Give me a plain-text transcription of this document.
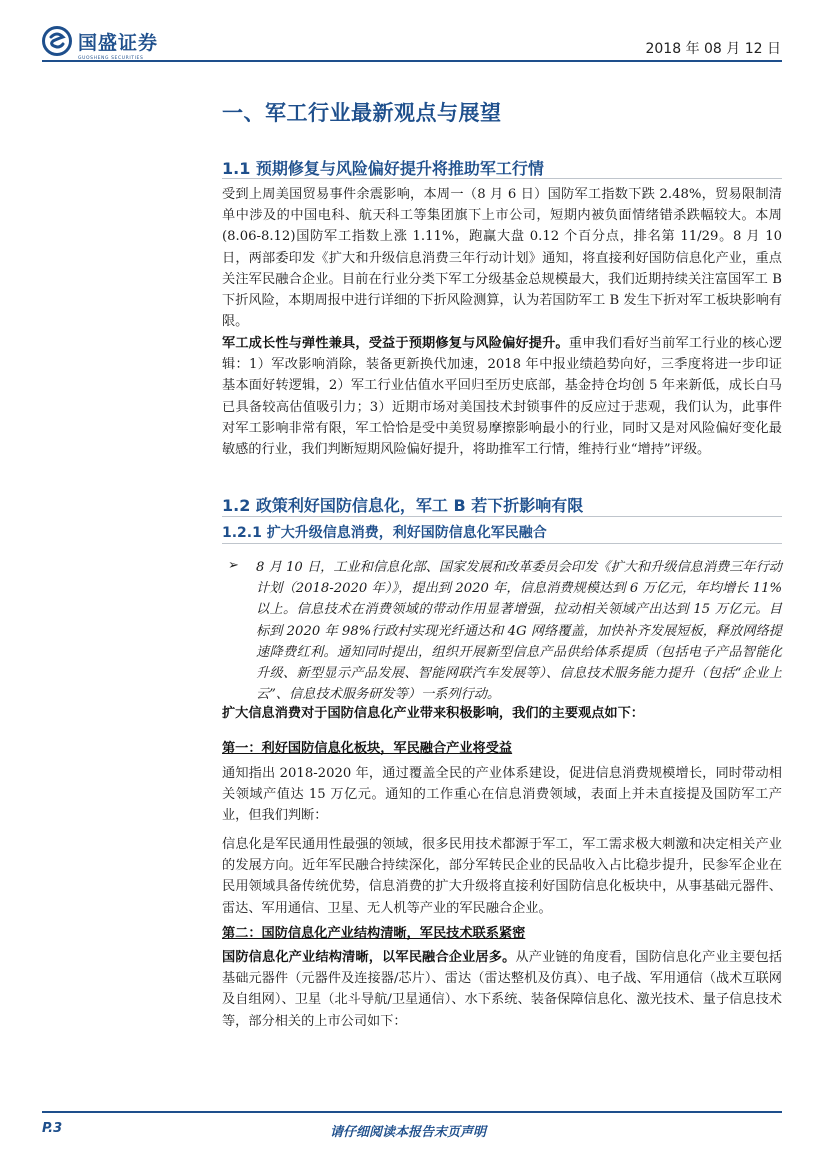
国盛证券
GUOSHENG SECURITIES
2018 年 08 月 12 日
一、军工行业最新观点与展望
1.1 预期修复与风险偏好提升将推助军工行情
受到上周美国贸易事件余震影响，本周一（8 月 6 日）国防军工指数下跌 2.48%，贸易限制清单中涉及的中国电科、航天科工等集团旗下上市公司，短期内被负面情绪错杀跌幅较大。本周(8.06-8.12)国防军工指数上涨 1.11%，跑赢大盘 0.12 个百分点，排名第 11/29。8 月 10 日，两部委印发《扩大和升级信息消费三年行动计划》通知，将直接利好国防信息化产业，重点关注军民融合企业。目前在行业分类下军工分级基金总规模最大，我们近期持续关注富国军工 B 下折风险，本期周报中进行详细的下折风险测算，认为若国防军工 B 发生下折对军工板块影响有限。
军工成长性与弹性兼具，受益于预期修复与风险偏好提升。重申我们看好当前军工行业的核心逻辑：1）军改影响消除，装备更新换代加速，2018 年中报业绩趋势向好，三季度将进一步印证基本面好转逻辑，2）军工行业估值水平回归至历史底部，基金持仓均创 5 年来新低，成长白马已具备较高估值吸引力；3）近期市场对美国技术封锁事件的反应过于悲观，我们认为，此事件对军工影响非常有限，军工恰恰是受中美贸易摩擦影响最小的行业，同时又是对风险偏好变化最敏感的行业，我们判断短期风险偏好提升，将助推军工行情，维持行业“增持”评级。
1.2 政策利好国防信息化，军工 B 若下折影响有限
1.2.1 扩大升级信息消费，利好国防信息化军民融合
➢ 8 月 10 日，工业和信息化部、国家发展和改革委员会印发《扩大和升级信息消费三年行动计划（2018-2020 年）》，提出到 2020 年，信息消费规模达到 6 万亿元，年均增长 11%以上。信息技术在消费领域的带动作用显著增强，拉动相关领域产出达到 15 万亿元。目标到 2020 年 98%行政村实现光纤通达和 4G 网络覆盖，加快补齐发展短板，释放网络提速降费红利。通知同时提出，组织开展新型信息产品供给体系提质（包括电子产品智能化升级、新型显示产品发展、智能网联汽车发展等）、信息技术服务能力提升（包括“企业上云”、信息技术服务研发等）一系列行动。
扩大信息消费对于国防信息化产业带来积极影响，我们的主要观点如下：
第一：利好国防信息化板块，军民融合产业将受益
通知指出 2018-2020 年，通过覆盖全民的产业体系建设，促进信息消费规模增长，同时带动相关领域产值达 15 万亿元。通知的工作重心在信息消费领域，表面上并未直接提及国防军工产业，但我们判断：
信息化是军民通用性最强的领域，很多民用技术都源于军工，军工需求极大刺激和决定相关产业的发展方向。近年军民融合持续深化，部分军转民企业的民品收入占比稳步提升，民参军企业在民用领域具备传统优势，信息消费的扩大升级将直接利好国防信息化板块中，从事基础元器件、雷达、军用通信、卫星、无人机等产业的军民融合企业。
第二：国防信息化产业结构清晰，军民技术联系紧密
国防信息化产业结构清晰，以军民融合企业居多。从产业链的角度看，国防信息化产业主要包括基础元器件（元器件及连接器/芯片）、雷达（雷达整机及仿真）、电子战、军用通信（战术互联网及自组网）、卫星（北斗导航/卫星通信）、水下系统、装备保障信息化、激光技术、量子信息技术等，部分相关的上市公司如下：
P.3	请仔细阅读本报告末页声明
